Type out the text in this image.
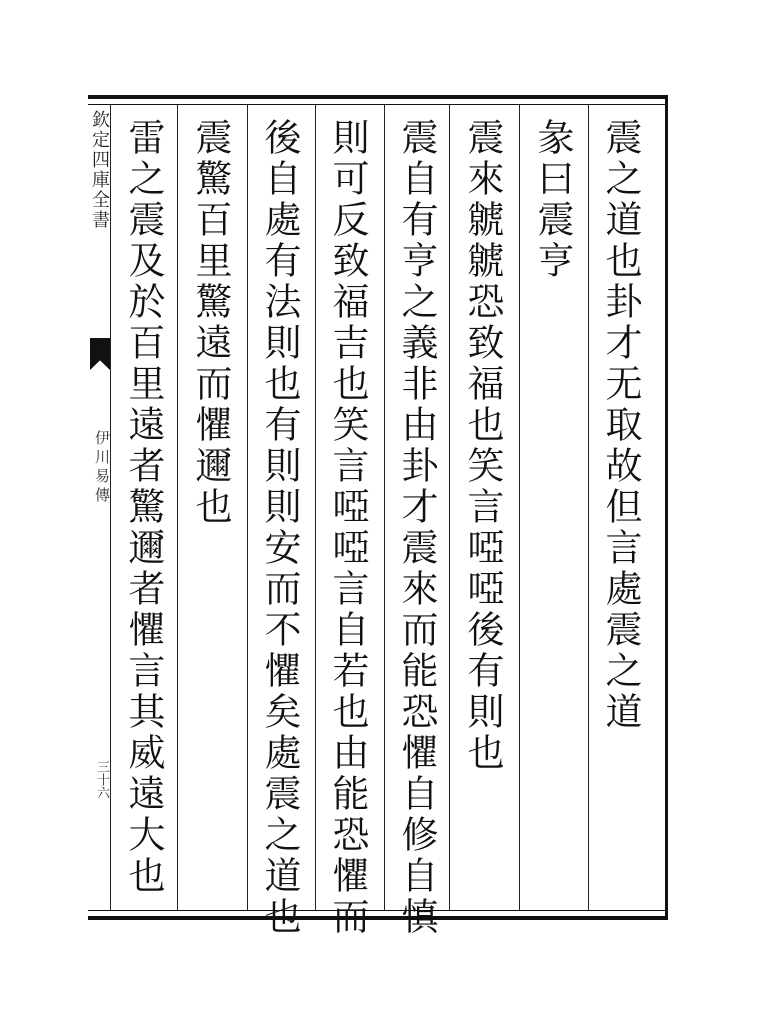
欽定四庫全書
伊川易傳
三十六
震之道也卦才无取故但言處震之道
彖曰震亨
震來虩虩恐致福也笑言啞啞後有則也
震自有亨之義非由卦才震來而能恐懼自修自慎
則可反致福吉也笑言啞啞言自若也由能恐懼而
後自處有法則也有則則安而不懼矣處震之道也
震驚百里驚遠而懼邇也
雷之震及於百里遠者驚邇者懼言其威遠大也
